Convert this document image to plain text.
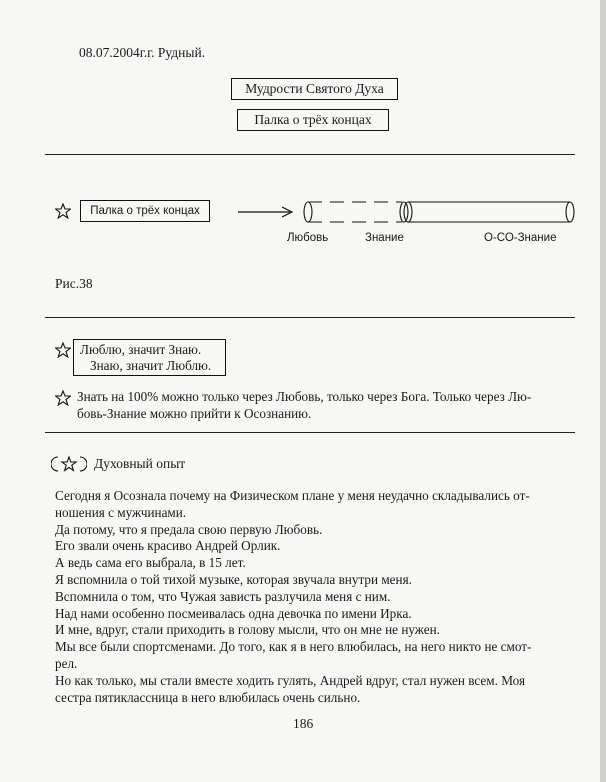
08.07.2004г.г. Рудный.
Мудрости Святого Духа
Палка о трёх концах
Палка о трёх концах
Любовь	Знание	О-СО-Знание
Рис.38
Люблю, значит Знаю.
Знаю, значит Люблю.
Знать на 100% можно только через Любовь, только через Бога. Только через Лю-
бовь-Знание можно прийти к Осознанию.
Духовный опыт

Сегодня я Осознала почему на Физическом плане у меня неудачно складывались от-

ношения с мужчинами.

Да потому, что я предала свою первую Любовь.

Его звали очень красиво Андрей Орлик.

А ведь сама его выбрала, в 15 лет.

Я вспомнила о той тихой музыке, которая звучала внутри меня.

Вспомнила о том, что Чужая зависть разлучила меня с ним.

Над нами особенно посмеивалась одна девочка по имени Ирка.

И мне, вдруг, стали приходить в голову мысли, что он мне не нужен.

Мы все были спортсменами. До того, как я в него влюбилась, на него никто не смот-

рел.

Но как только, мы стали вместе ходить гулять, Андрей вдруг, стал нужен всем. Моя

сестра пятиклассница в него влюбилась очень сильно.

186
